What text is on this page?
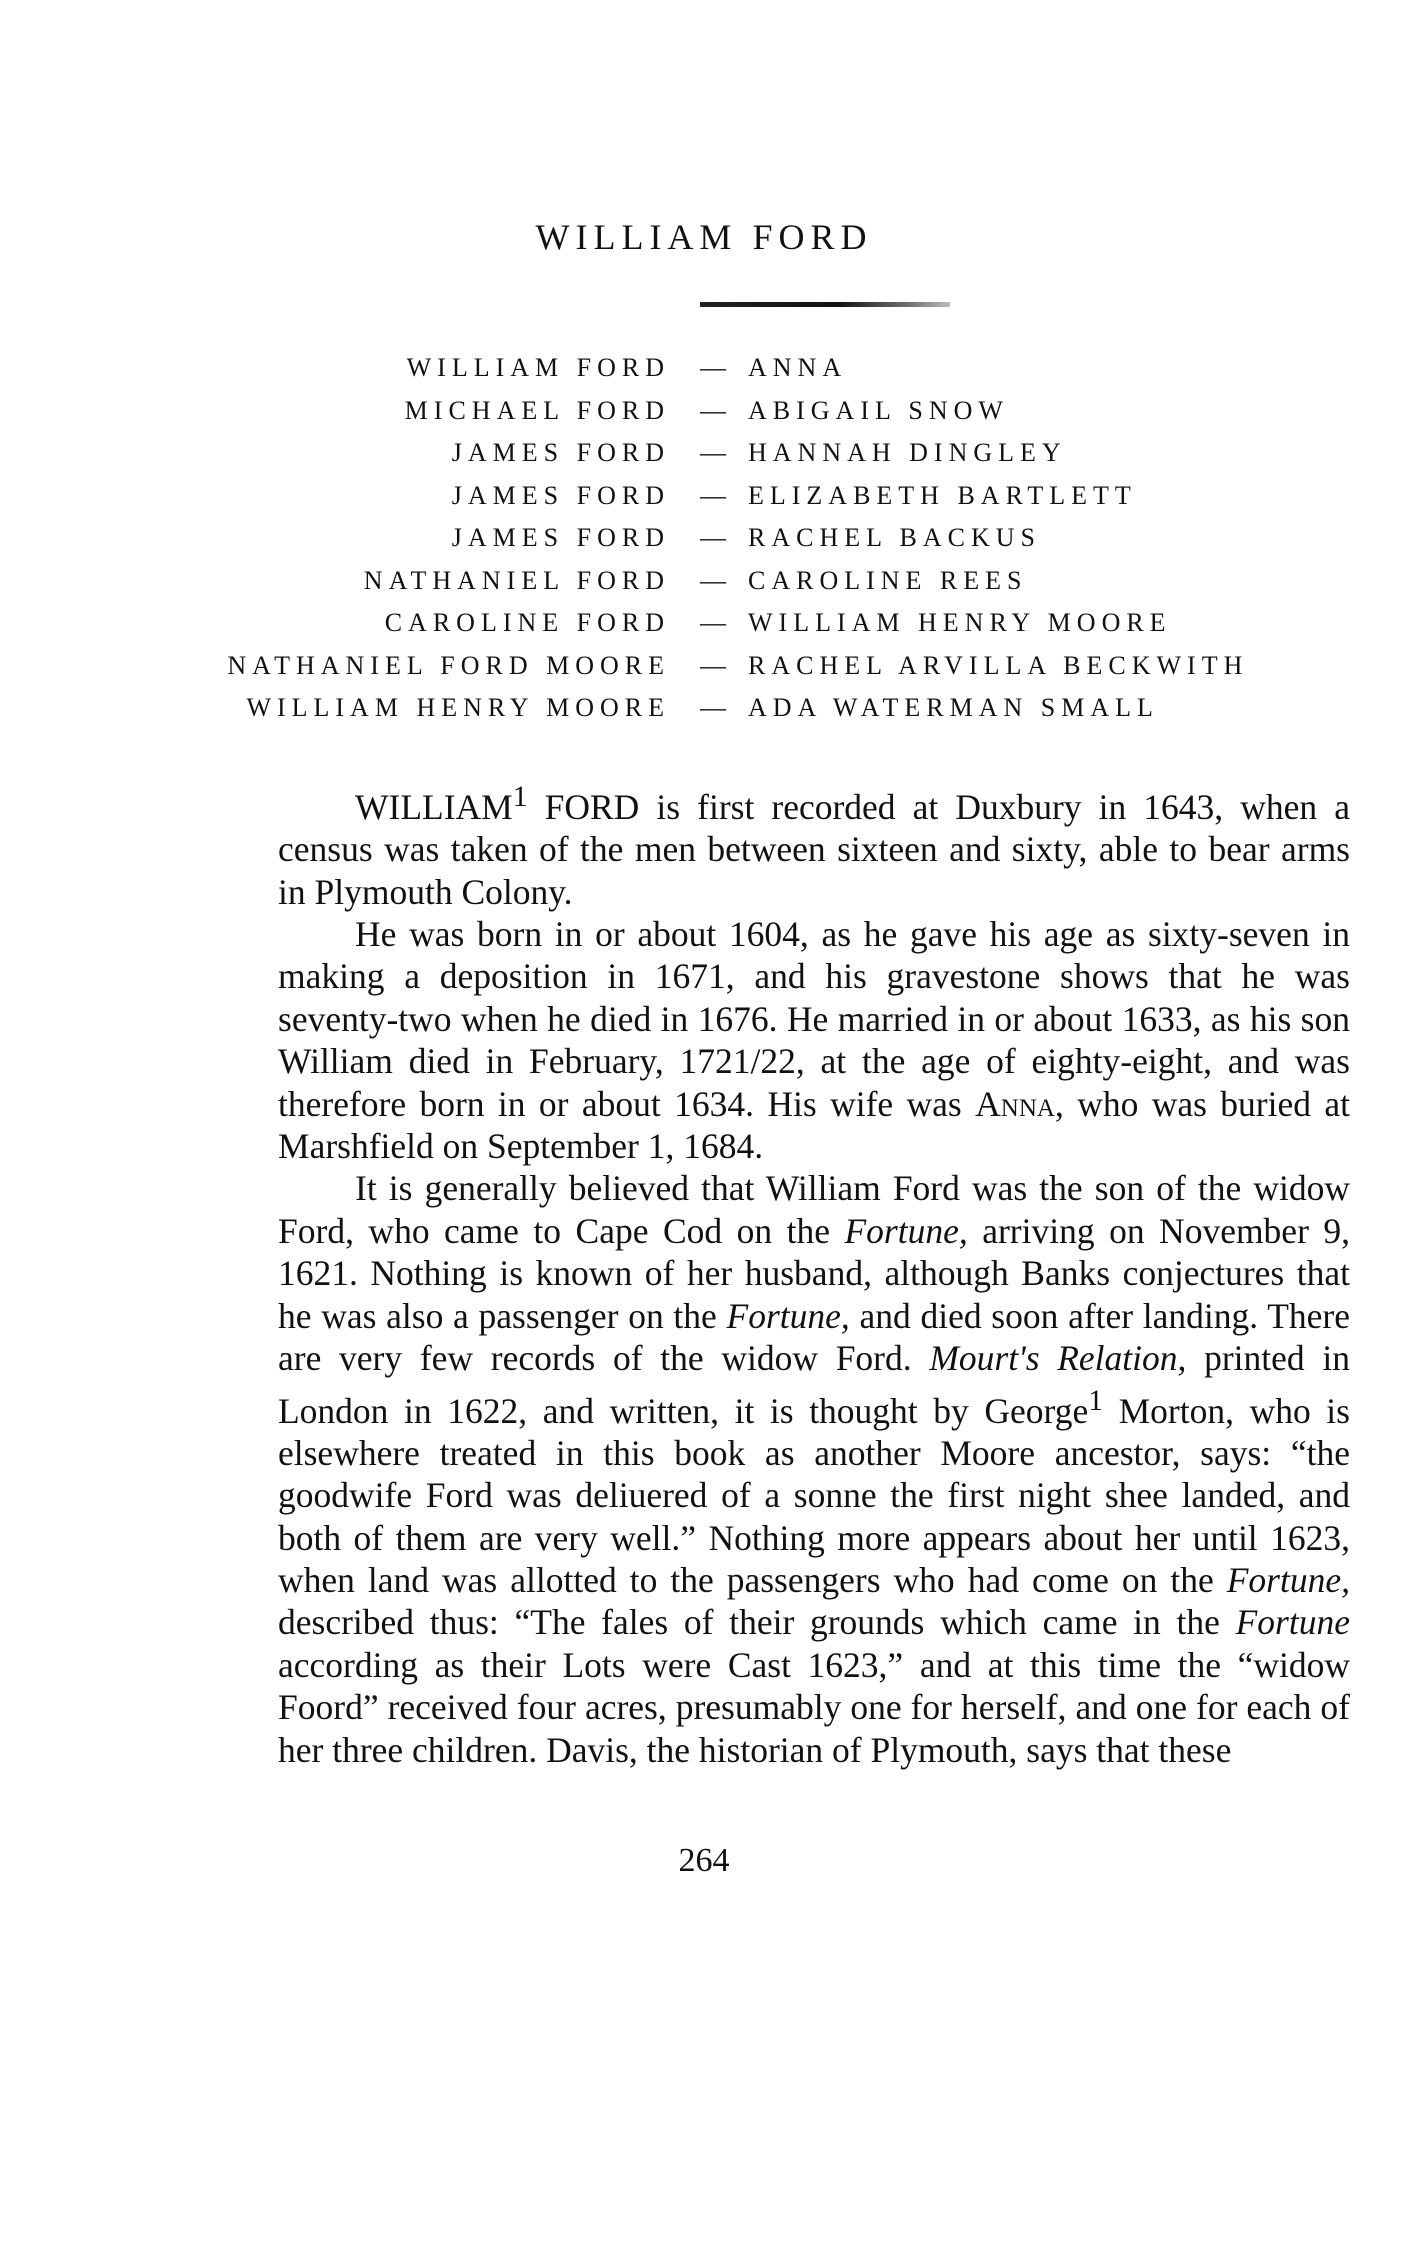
WILLIAM FORD
WILLIAM FORD	— ANNA
MICHAEL FORD	— ABIGAIL SNOW
JAMES FORD	— HANNAH DINGLEY
JAMES FORD	— ELIZABETH BARTLETT
JAMES FORD	— RACHEL BACKUS
NATHANIEL FORD	— CAROLINE REES
CAROLINE FORD	— WILLIAM HENRY MOORE
NATHANIEL FORD MOORE	— RACHEL ARVILLA BECKWITH
WILLIAM HENRY MOORE	— ADA WATERMAN SMALL

WILLIAM$^1$ FORD is first recorded at Duxbury in 1643, when a census was taken of the men between sixteen and sixty, able to bear arms in Plymouth Colony.

He was born in or about 1604, as he gave his age as sixty-seven in making a deposition in 1671, and his gravestone shows that he was seventy-two when he died in 1676. He married in or about 1633, as his son William died in February, 1721/22, at the age of eighty-eight, and was therefore born in or about 1634. His wife was Anna, who was buried at Marshfield on September 1, 1684.

It is generally believed that William Ford was the son of the widow Ford, who came to Cape Cod on the Fortune, arriving on November 9, 1621. Nothing is known of her husband, although Banks conjectures that he was also a passenger on the Fortune, and died soon after landing. There are very few records of the widow Ford. Mourt's Relation, printed in London in 1622, and written, it is thought by George$^1$ Morton, who is elsewhere treated in this book as another Moore ancestor, says: “the goodwife Ford was deliuered of a sonne the first night shee landed, and both of them are very well.” Nothing more appears about her until 1623, when land was allotted to the passengers who had come on the Fortune, described thus: “The fales of their grounds which came in the Fortune according as their Lots were Cast 1623,” and at this time the “widow Foord” received four acres, presumably one for herself, and one for each of her three children. Davis, the historian of Plymouth, says that these

264
